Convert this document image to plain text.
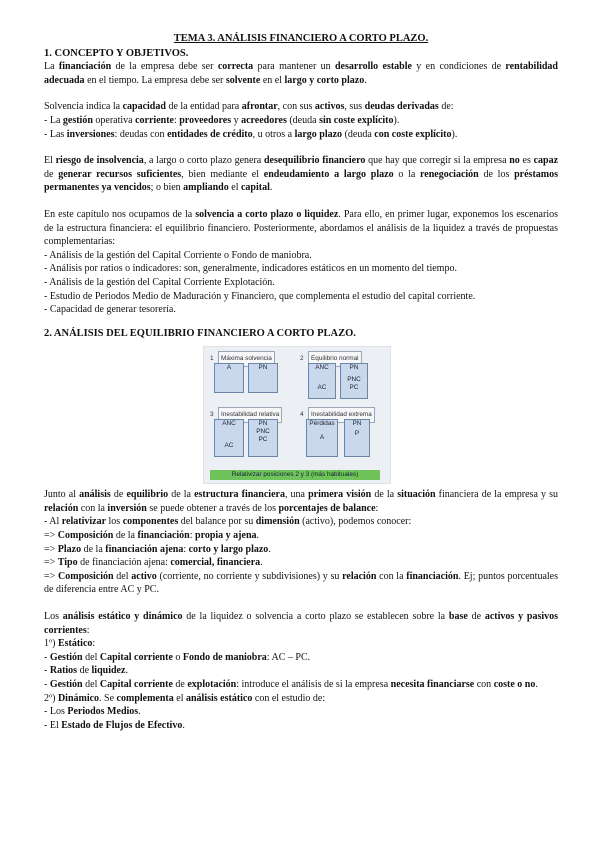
TEMA 3. ANÁLISIS FINANCIERO A CORTO PLAZO.
1. CONCEPTO Y OBJETIVOS.

La financiación de la empresa debe ser correcta para mantener un desarrollo estable y en condiciones de rentabilidad adecuada en el tiempo. La empresa debe ser solvente en el largo y corto plazo.

Solvencia indica la capacidad de la entidad para afrontar, con sus activos, sus deudas derivadas de:

- La gestión operativa corriente: proveedores y acreedores (deuda sin coste explícito).

- Las inversiones: deudas con entidades de crédito, u otros a largo plazo (deuda con coste explícito).

El riesgo de insolvencia, a largo o corto plazo genera desequilibrio financiero que hay que corregir si la empresa no es capaz de generar recursos suficientes, bien mediante el endeudamiento a largo plazo o la renegociación de los préstamos permanentes ya vencidos; o bien ampliando el capital.

En este capítulo nos ocupamos de la solvencia a corto plazo o liquidez. Para ello, en primer lugar, exponemos los escenarios de la estructura financiera: el equilibrio financiero. Posteriormente, abordamos el análisis de la liquidez a través de propuestas complementarias:

- Análisis de la gestión del Capital Corriente o Fondo de maniobra.

- Análisis por ratios o indicadores: son, generalmente, indicadores estáticos en un momento del tiempo.

- Análisis de la gestión del Capital Corriente Explotación.

- Estudio de Periodos Medio de Maduración y Financiero, que complementa el estudio del capital corriente.

- Capacidad de generar tesorería.

2. ANÁLISIS DEL EQUILIBRIO FINANCIERO A CORTO PLAZO.
1 Máxima solvencia
A	PN
2 Equilibrio normal
ANC
AC
PN
PNC
PC
3 Inestabilidad relativa
ANC
AC
PN
PNC
PC
4 Inestabilidad extrema
Pérdidas
A
PN
P
Relativizar posiciones 2 y 3 (más habituales)

Junto al análisis de equilibrio de la estructura financiera, una primera visión de la situación financiera de la empresa y su relación con la inversión se puede obtener a través de los porcentajes de balance:

- Al relativizar los componentes del balance por su dimensión (activo), podemos conocer:

=> Composición de la financiación: propia y ajena.

=> Plazo de la financiación ajena: corto y largo plazo.

=> Tipo de financiación ajena: comercial, financiera.

=> Composición del activo (corriente, no corriente y subdivisiones) y su relación con la financiación. Ej; puntos porcentuales de diferencia entre AC y PC.

Los análisis estático y dinámico de la liquidez o solvencia a corto plazo se establecen sobre la base de activos y pasivos corrientes:

1º) Estático:

- Gestión del Capital corriente o Fondo de maniobra: AC – PC.

- Ratios de liquidez.

- Gestión del Capital corriente de explotación: introduce el análisis de si la empresa necesita financiarse con coste o no.

2º) Dinámico. Se complementa el análisis estático con el estudio de:

- Los Periodos Medios.

- El Estado de Flujos de Efectivo.
